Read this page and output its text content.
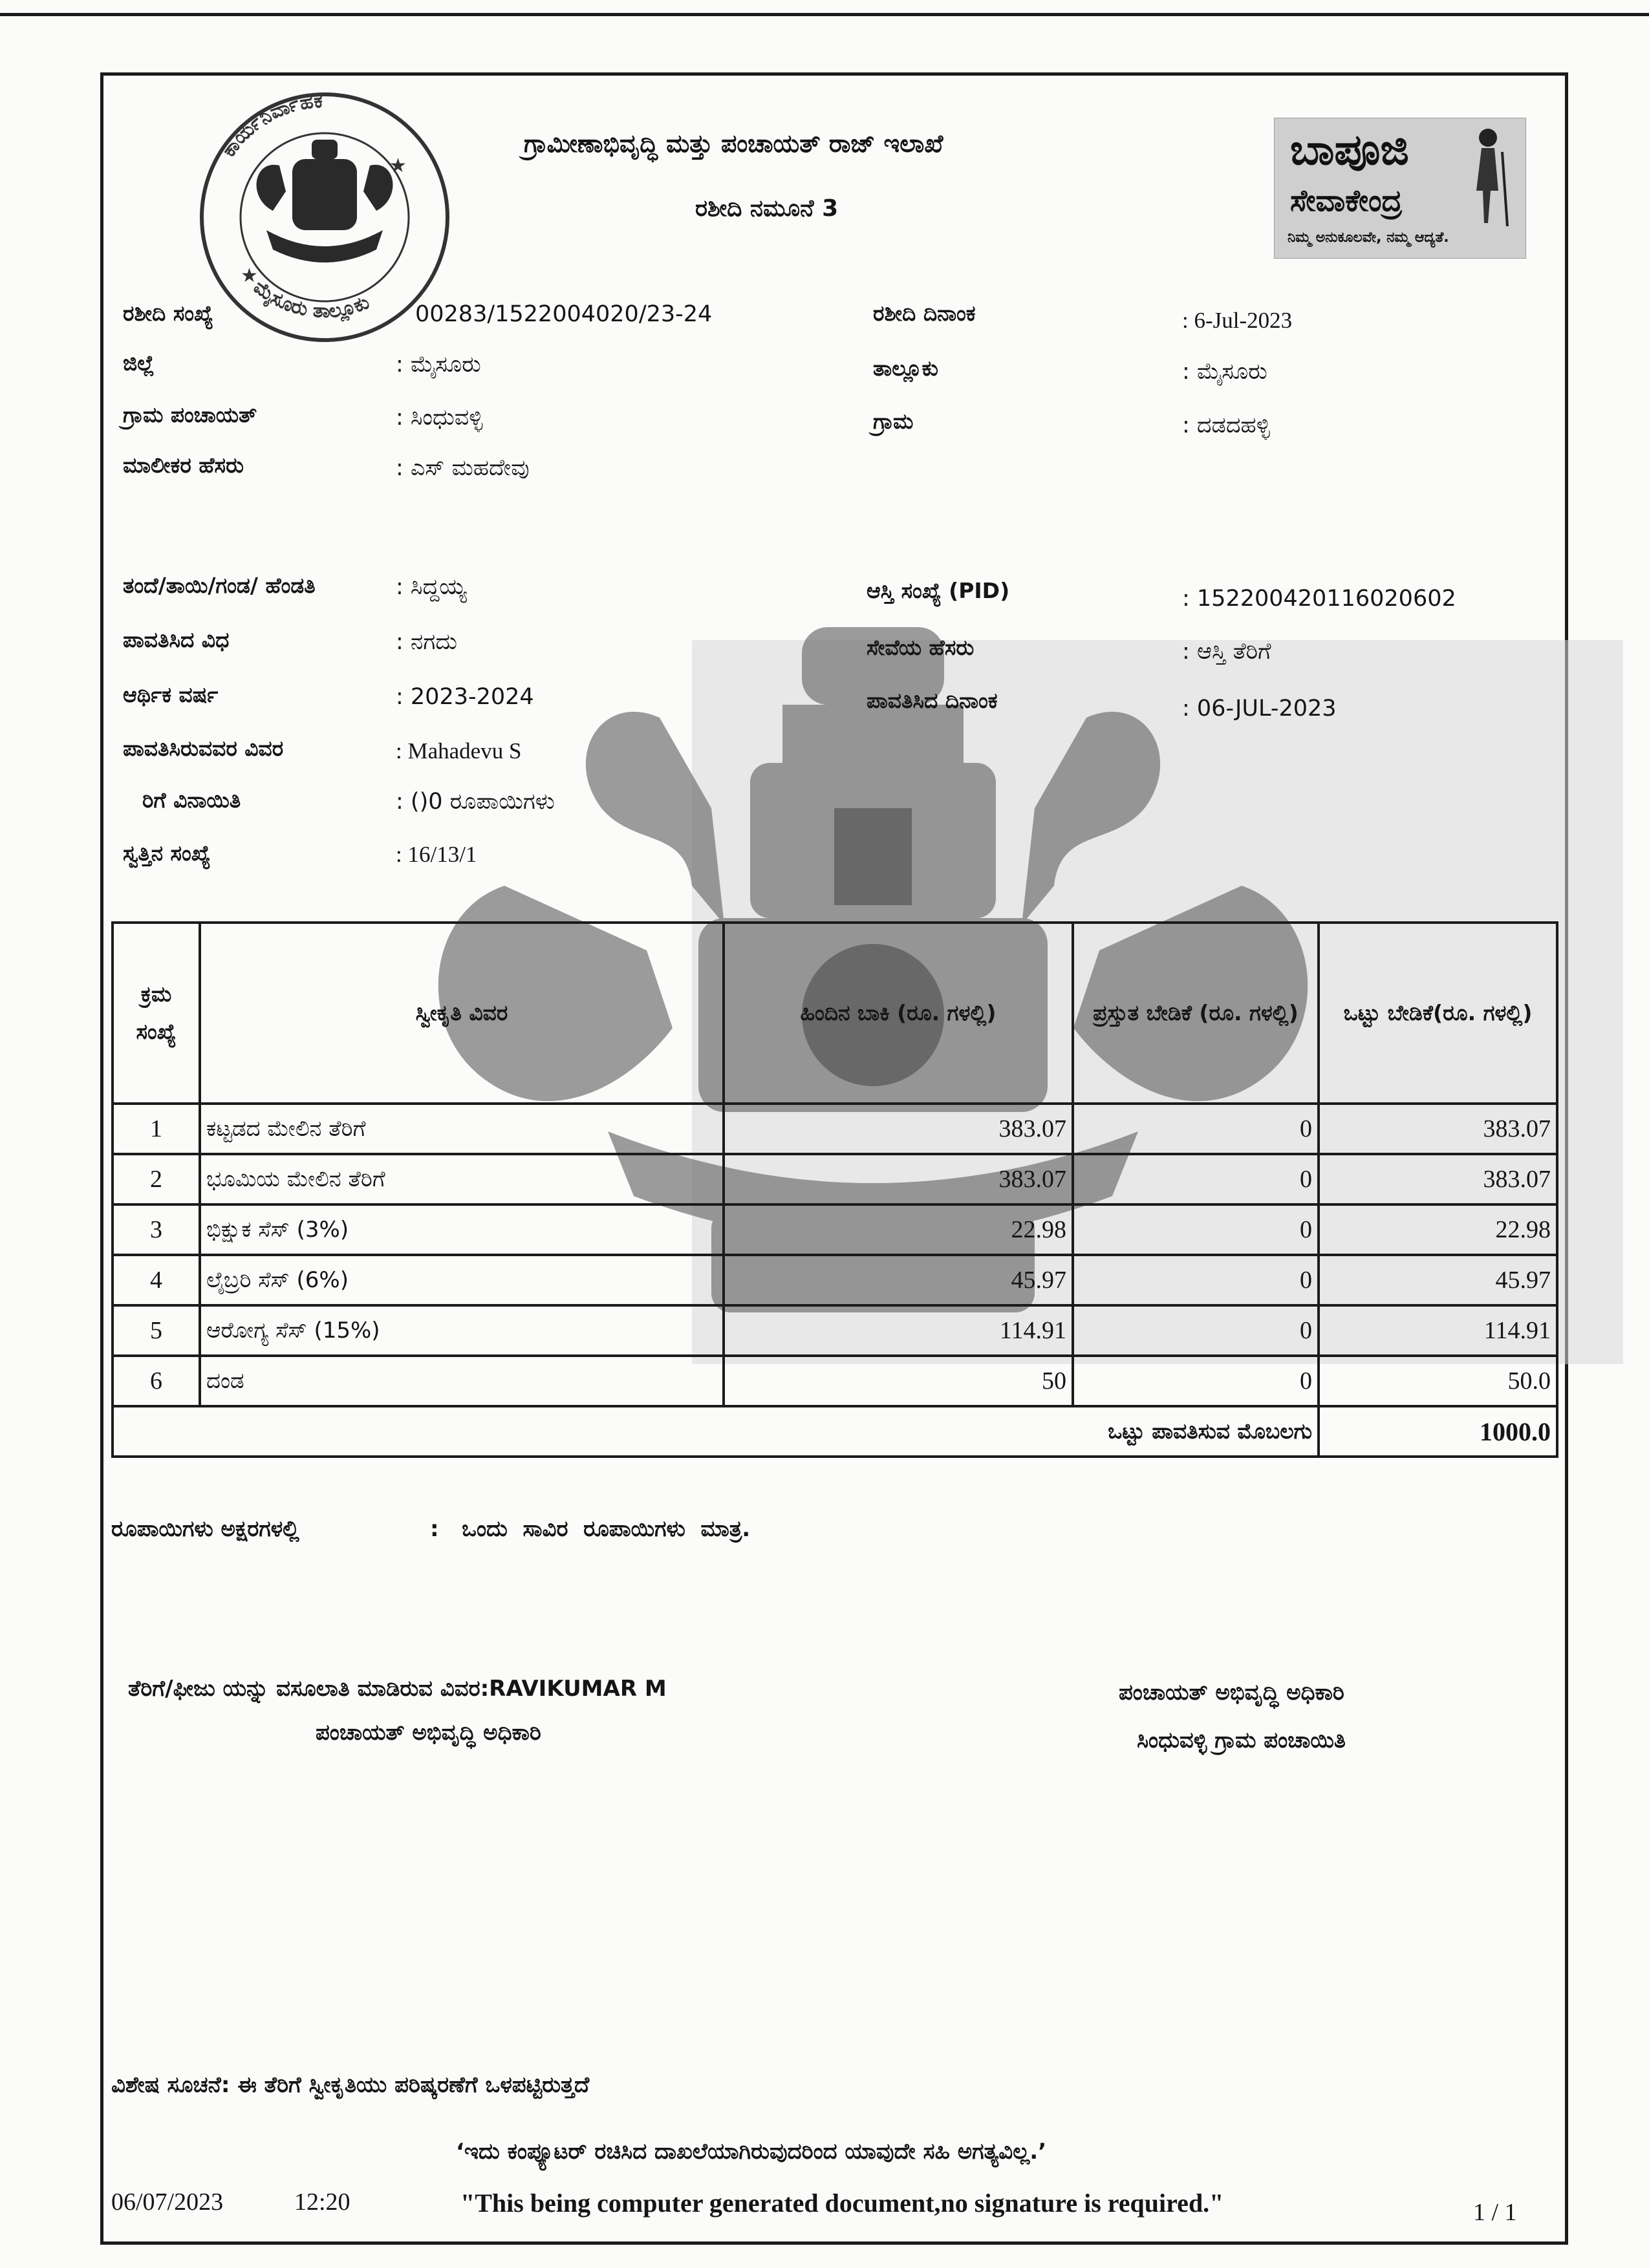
ಕಾರ್ಯನಿರ್ವಾಹಕ
ಮೈಸೂರು ತಾಲ್ಲೂಕು
★
★
ಗ್ರಾಮೀಣಾಭಿವೃದ್ಧಿ ಮತ್ತು ಪಂಚಾಯತ್ ರಾಜ್ ಇಲಾಖೆ
ರಶೀದಿ ನಮೂನೆ 3
ಬಾಪೂಜಿ
ಸೇವಾಕೇಂದ್ರ
ನಿಮ್ಮ ಅನುಕೂಲವೇ, ನಮ್ಮ ಆದ್ಯತೆ.
ರಶೀದಿ ಸಂಖ್ಯೆ	00283/1522004020/23-24	ರಶೀದಿ ದಿನಾಂಕ	: 6-Jul-2023
ಜಿಲ್ಲೆ	: ಮೈಸೂರು	ತಾಲ್ಲೂಕು	: ಮೈಸೂರು
ಗ್ರಾಮ ಪಂಚಾಯತ್	: ಸಿಂಧುವಳ್ಳಿ	ಗ್ರಾಮ	: ದಡದಹಳ್ಳಿ
ಮಾಲೀಕರ ಹೆಸರು	: ಎಸ್ ಮಹದೇವು
ತಂದೆ/ತಾಯಿ/ಗಂಡ/ ಹೆಂಡತಿ	: ಸಿದ್ದಯ್ಯ	ಆಸ್ತಿ ಸಂಖ್ಯೆ (PID)	: 152200420116020602
ಪಾವತಿಸಿದ ವಿಧ	: ನಗದು	ಸೇವೆಯ ಹೆಸರು	: ಆಸ್ತಿ ತೆರಿಗೆ
ಆರ್ಥಿಕ ವರ್ಷ	: 2023-2024	ಪಾವತಿಸಿದ ದಿನಾಂಕ	: 06-JUL-2023
ಪಾವತಿಸಿರುವವರ ವಿವರ	: Mahadevu S
ರಿಗೆ ವಿನಾಯಿತಿ	: ()0 ರೂಪಾಯಿಗಳು
ಸ್ವತ್ತಿನ ಸಂಖ್ಯೆ	: 16/13/1
ಕ್ರಮ ಸಂಖ್ಯೆ	ಸ್ವೀಕೃತಿ ವಿವರ	ಹಿಂದಿನ ಬಾಕಿ (ರೂ. ಗಳಲ್ಲಿ)	ಪ್ರಸ್ತುತ ಬೇಡಿಕೆ (ರೂ. ಗಳಲ್ಲಿ)	ಒಟ್ಟು ಬೇಡಿಕೆ(ರೂ. ಗಳಲ್ಲಿ)
1	ಕಟ್ಟಡದ ಮೇಲಿನ ತೆರಿಗೆ	383.07	0	383.07
2	ಭೂಮಿಯ ಮೇಲಿನ ತೆರಿಗೆ	383.07	0	383.07
3	ಭಿಕ್ಷುಕ ಸೆಸ್ (3%)	22.98	0	22.98
4	ಲೈಬ್ರರಿ ಸೆಸ್ (6%)	45.97	0	45.97
5	ಆರೋಗ್ಯ ಸೆಸ್ (15%)	114.91	0	114.91
6	ದಂಡ	50	0	50.0
ಒಟ್ಟು ಪಾವತಿಸುವ ಮೊಬಲಗು				1000.0
ರೂಪಾಯಿಗಳು ಅಕ್ಷರಗಳಲ್ಲಿ	:   ಒಂದು  ಸಾವಿರ  ರೂಪಾಯಿಗಳು  ಮಾತ್ರ.
ತೆರಿಗೆ/ಫೀಜು ಯನ್ನು ವಸೂಲಾತಿ ಮಾಡಿರುವ ವಿವರ:RAVIKUMAR M
ಪಂಚಾಯತ್ ಅಭಿವೃದ್ಧಿ ಅಧಿಕಾರಿ
ಪಂಚಾಯತ್ ಅಭಿವೃದ್ಧಿ ಅಧಿಕಾರಿ
ಸಿಂಧುವಳ್ಳಿ ಗ್ರಾಮ ಪಂಚಾಯಿತಿ
ವಿಶೇಷ ಸೂಚನೆ: ಈ ತೆರಿಗೆ ಸ್ವೀಕೃತಿಯು ಪರಿಷ್ಕರಣೆಗೆ ಒಳಪಟ್ಟಿರುತ್ತದೆ
‘ಇದು ಕಂಪ್ಯೂಟರ್ ರಚಿಸಿದ ದಾಖಲೆಯಾಗಿರುವುದರಿಂದ ಯಾವುದೇ ಸಹಿ ಅಗತ್ಯವಿಲ್ಲ.’
"This being computer generated document,no signature is required."
06/07/2023	12:20	1 / 1
